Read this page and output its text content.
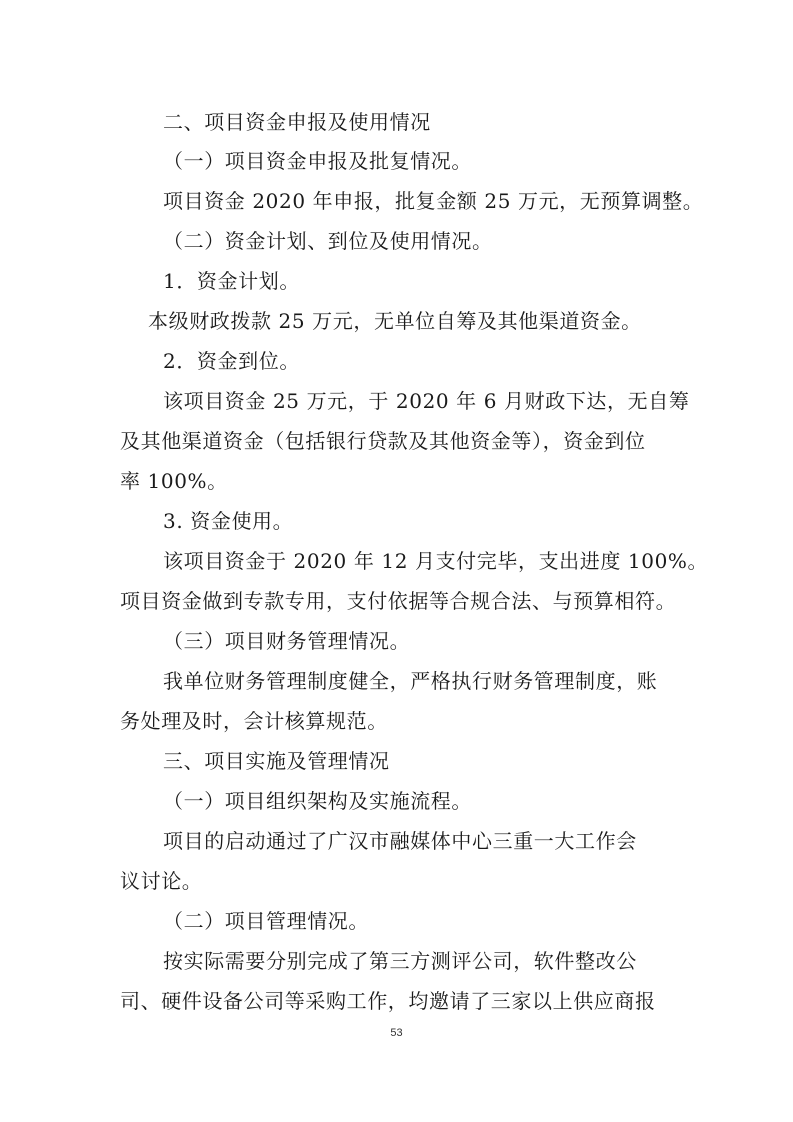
二、项目资金申报及使用情况

（一）项目资金申报及批复情况。

项目资金 2020 年申报，批复金额 25 万元，无预算调整。

（二）资金计划、到位及使用情况。

1．资金计划。

本级财政拨款 25 万元，无单位自筹及其他渠道资金。

2．资金到位。

该项目资金 25 万元，于 2020 年 6 月财政下达，无自筹

及其他渠道资金（包括银行贷款及其他资金等），资金到位

率 100%。

3. 资金使用。

该项目资金于 2020 年 12 月支付完毕，支出进度 100%。

项目资金做到专款专用，支付依据等合规合法、与预算相符。

（三）项目财务管理情况。

我单位财务管理制度健全，严格执行财务管理制度，账

务处理及时，会计核算规范。

三、项目实施及管理情况

（一）项目组织架构及实施流程。

项目的启动通过了广汉市融媒体中心三重一大工作会

议讨论。

（二）项目管理情况。

按实际需要分别完成了第三方测评公司，软件整改公

司、硬件设备公司等采购工作，均邀请了三家以上供应商报

53
